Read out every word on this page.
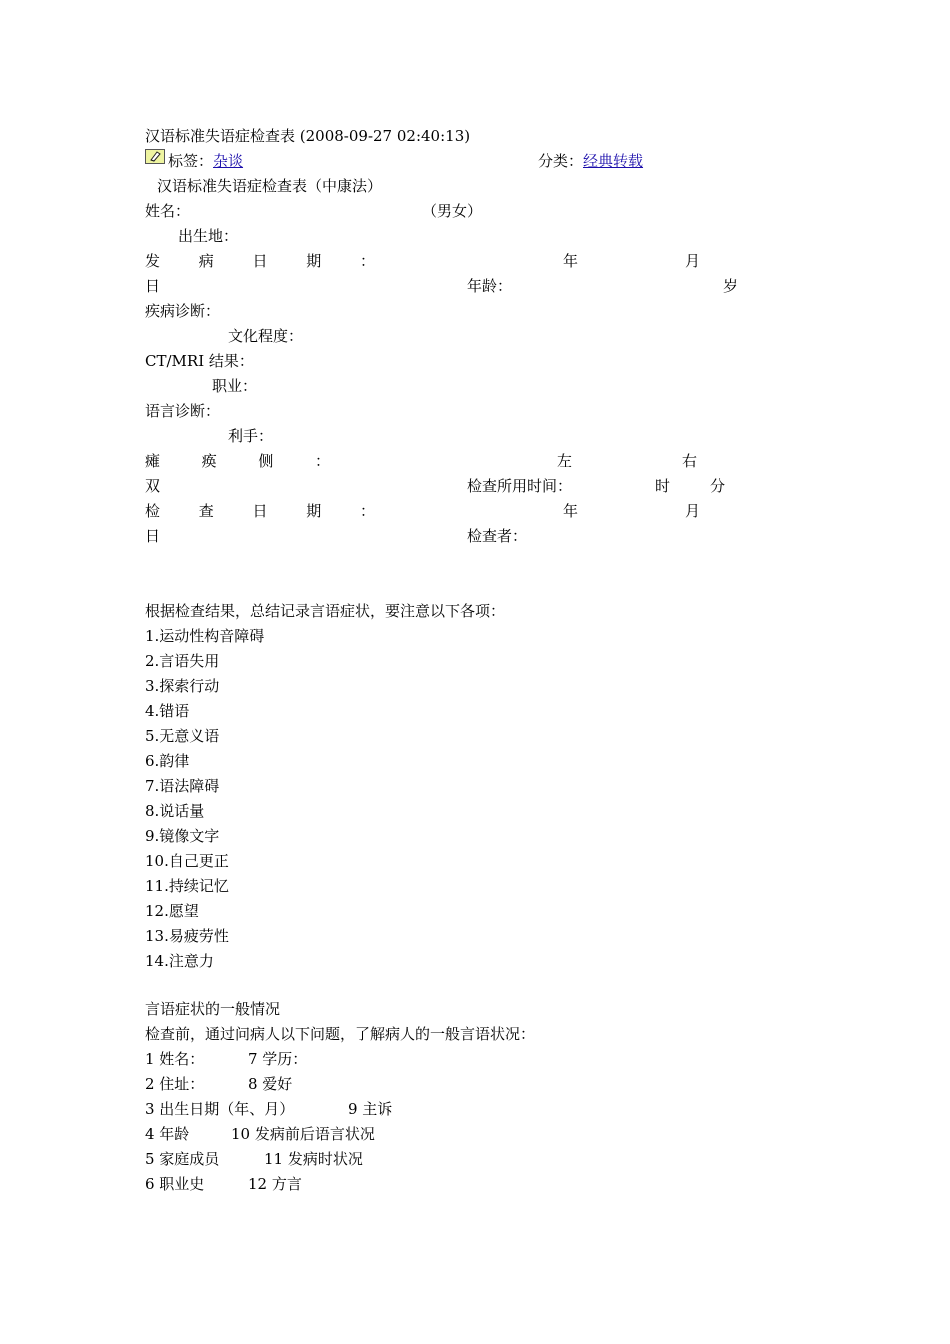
汉语标准失语症检查表 (2008-09-27 02:40:13)
标签：杂谈	分类：经典转载
汉语标准失语症检查表（中康法）
姓名：	（男女）
出生地：
发	病	日	期	：	年	月
日	年龄：	岁
疾病诊断：
文化程度：
CT/MRI 结果：
职业：
语言诊断：
利手：
瘫	痪	侧	：	左	右
双	检查所用时间：	时	分
检	查	日	期	：	年	月
日	检查者：
根据检查结果，总结记录言语症状，要注意以下各项：
1.运动性构音障碍
2.言语失用
3.探索行动
4.错语
5.无意义语
6.韵律
7.语法障碍
8.说话量
9.镜像文字
10.自己更正
11.持续记忆
12.愿望
13.易疲劳性
14.注意力
言语症状的一般情况
检查前，通过问病人以下问题，了解病人的一般言语状况：
1 姓名：	7 学历：
2 住址：	8 爱好
3 出生日期（年、月）	9 主诉
4 年龄	10 发病前后语言状况
5 家庭成员	11 发病时状况
6 职业史	12 方言
